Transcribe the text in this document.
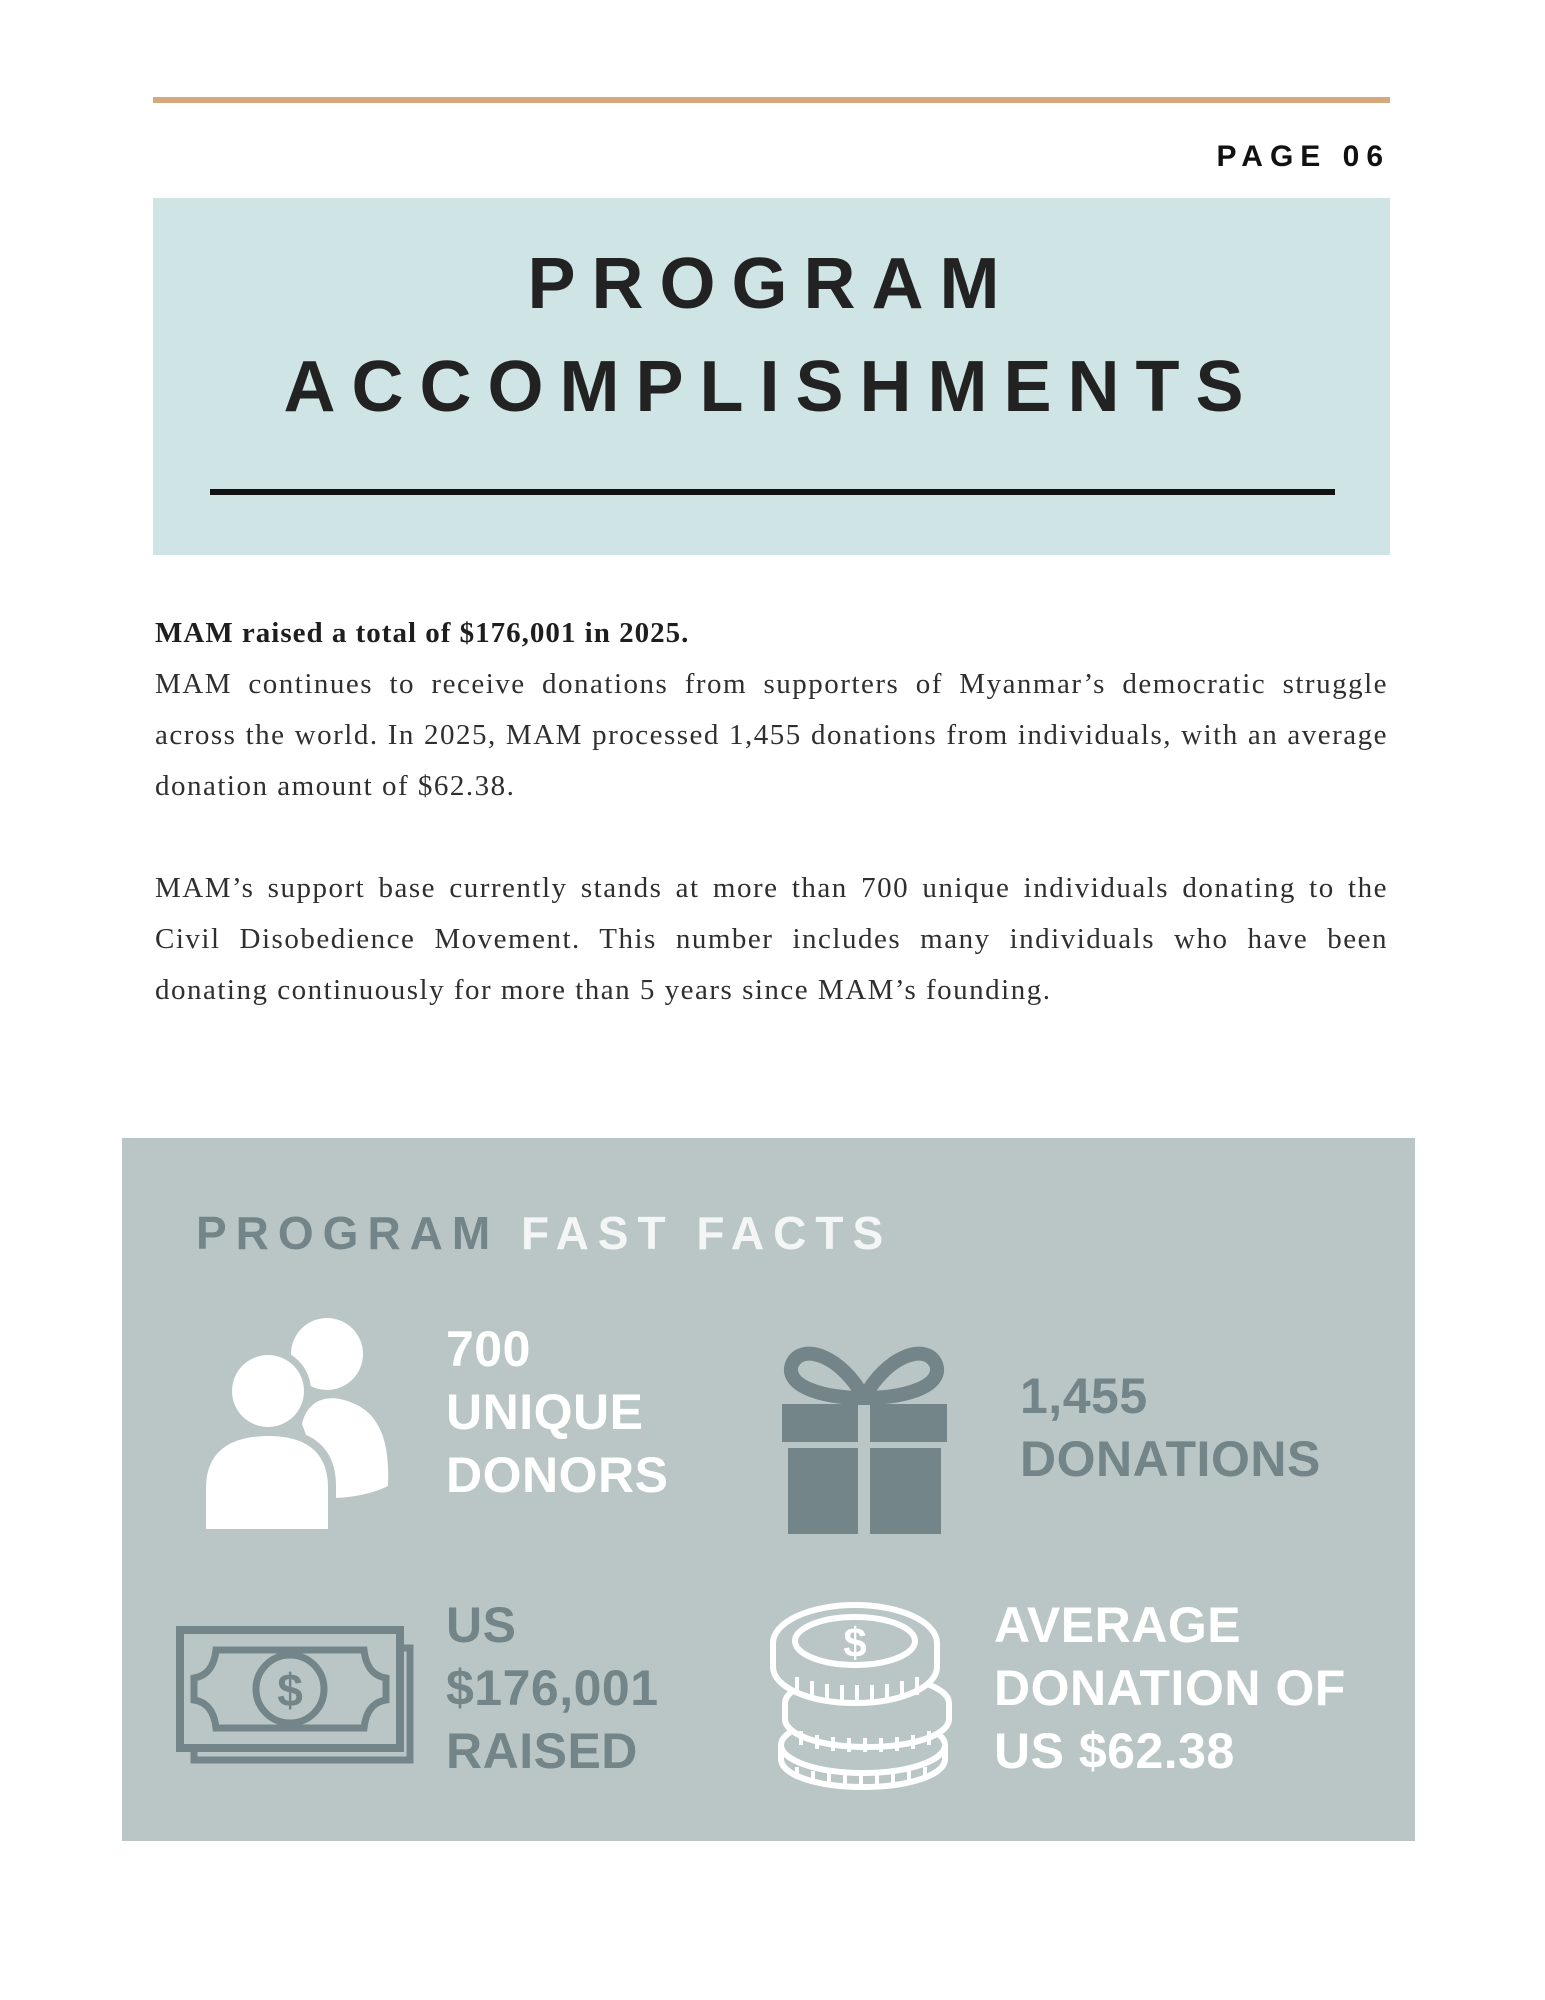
PAGE 06
PROGRAM
ACCOMPLISHMENTS

MAM raised a total of $176,001 in 2025.

MAM continues to receive donations from supporters of Myanmar’s democratic struggle across the world. In 2025, MAM processed 1,455 donations from individuals, with an average donation amount of $62.38.

MAM’s support base currently stands at more than 700 unique individuals donating to the Civil Disobedience Movement. This number includes many individuals who have been donating continuously for more than 5 years since MAM’s founding.

PROGRAM FAST FACTS
700
UNIQUE
DONORS
1,455
DONATIONS
$
US
$176,001
RAISED
$	AVERAGE
DONATION OF
US $62.38
